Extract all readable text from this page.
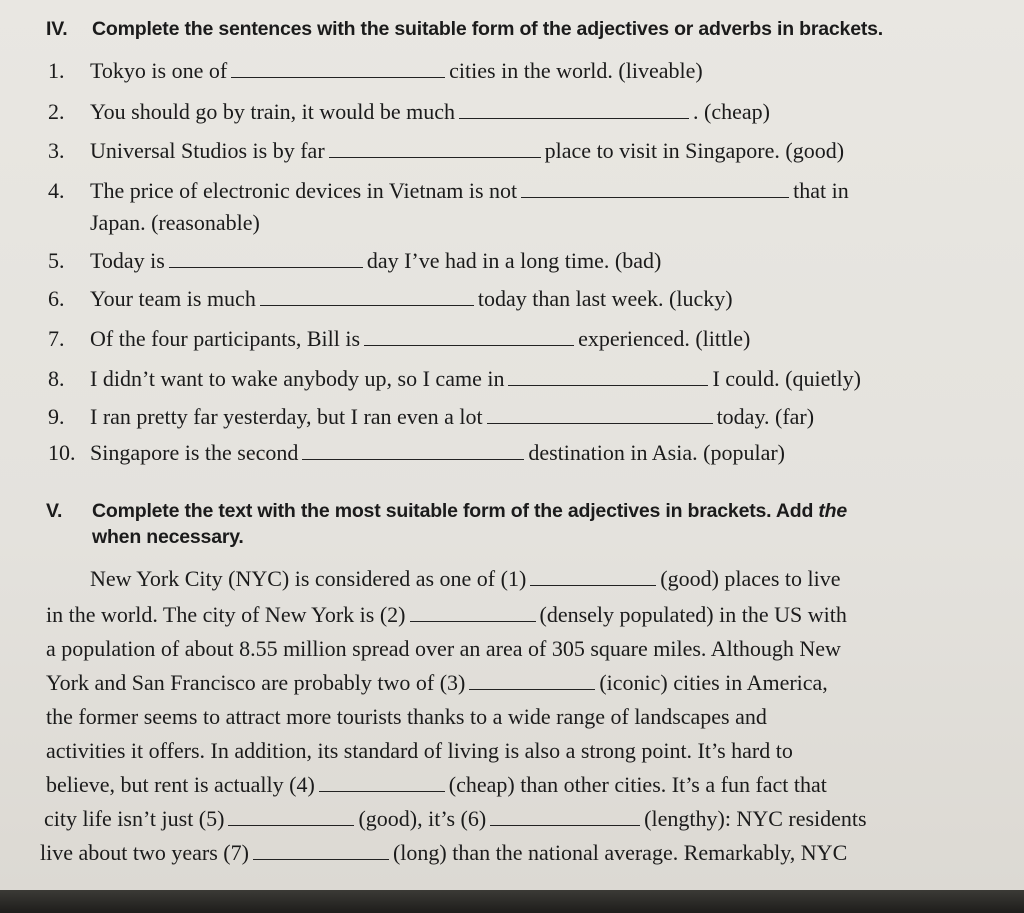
IV. Complete the sentences with the suitable form of the adjectives or adverbs in brackets.
1. Tokyo is one of	cities in the world. (liveable)
2. You should go by train, it would be much	. (cheap)
3. Universal Studios is by far	place to visit in Singapore. (good)
4. The price of electronic devices in Vietnam is not	that in
Japan. (reasonable)
5. Today is	day I’ve had in a long time. (bad)
6. Your team is much	today than last week. (lucky)
7. Of the four participants, Bill is	experienced. (little)
8. I didn’t want to wake anybody up, so I came in	I could. (quietly)
9. I ran pretty far yesterday, but I ran even a lot	today. (far)
10. Singapore is the second	destination in Asia. (popular)
V. Complete the text with the most suitable form of the adjectives in brackets. Add the
when necessary.
New York City (NYC) is considered as one of (1)	(good) places to live
in the world. The city of New York is (2)	(densely populated) in the US with
a population of about 8.55 million spread over an area of 305 square miles. Although New
York and San Francisco are probably two of (3)	(iconic) cities in America,
the former seems to attract more tourists thanks to a wide range of landscapes and
activities it offers. In addition, its standard of living is also a strong point. It’s hard to
believe, but rent is actually (4)	(cheap) than other cities. It’s a fun fact that
city life isn’t just (5)	(good), it’s (6)	(lengthy): NYC residents
live about two years (7)	(long) than the national average. Remarkably, NYC
